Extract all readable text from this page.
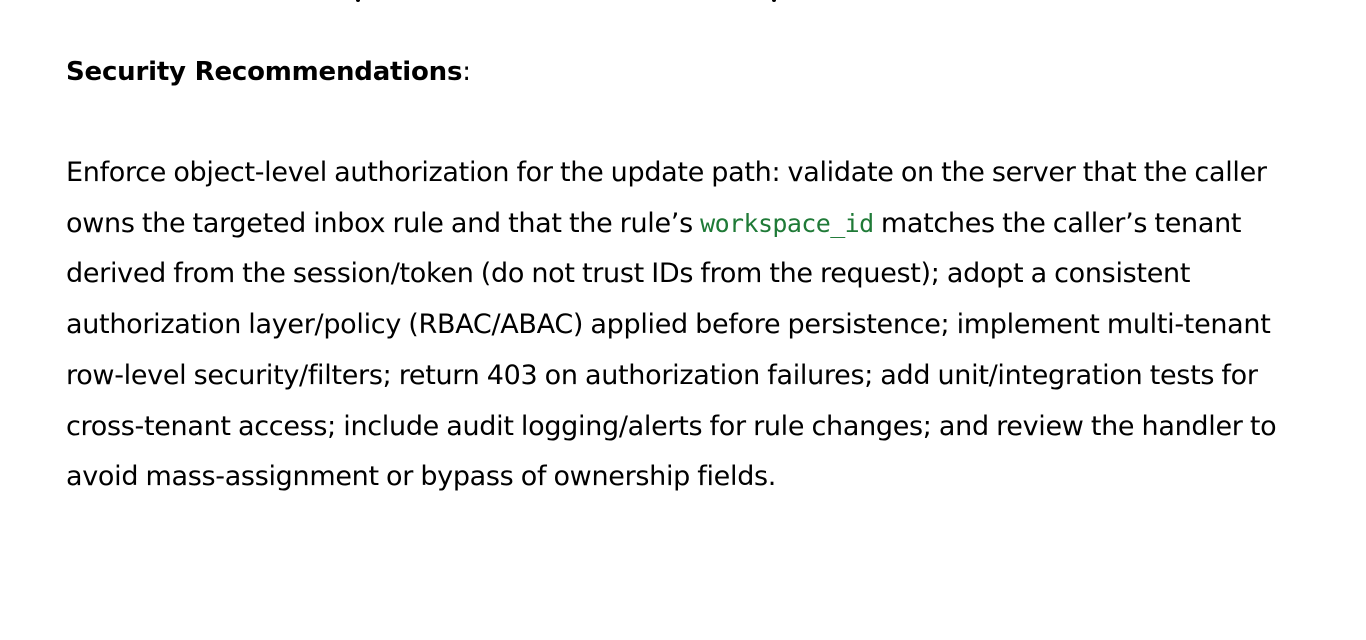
Security Recommendations:

Enforce object-level authorization for the update path: validate on the server that the caller owns the targeted inbox rule and that the rule’s workspace_id matches the caller’s tenant derived from the session/token (do not trust IDs from the request); adopt a consistent authorization layer/policy (RBAC/ABAC) applied before persistence; implement multi-tenant row-level security/filters; return 403 on authorization failures; add unit/integration tests for cross-tenant access; include audit logging/alerts for rule changes; and review the handler to avoid mass-assignment or bypass of ownership fields.
